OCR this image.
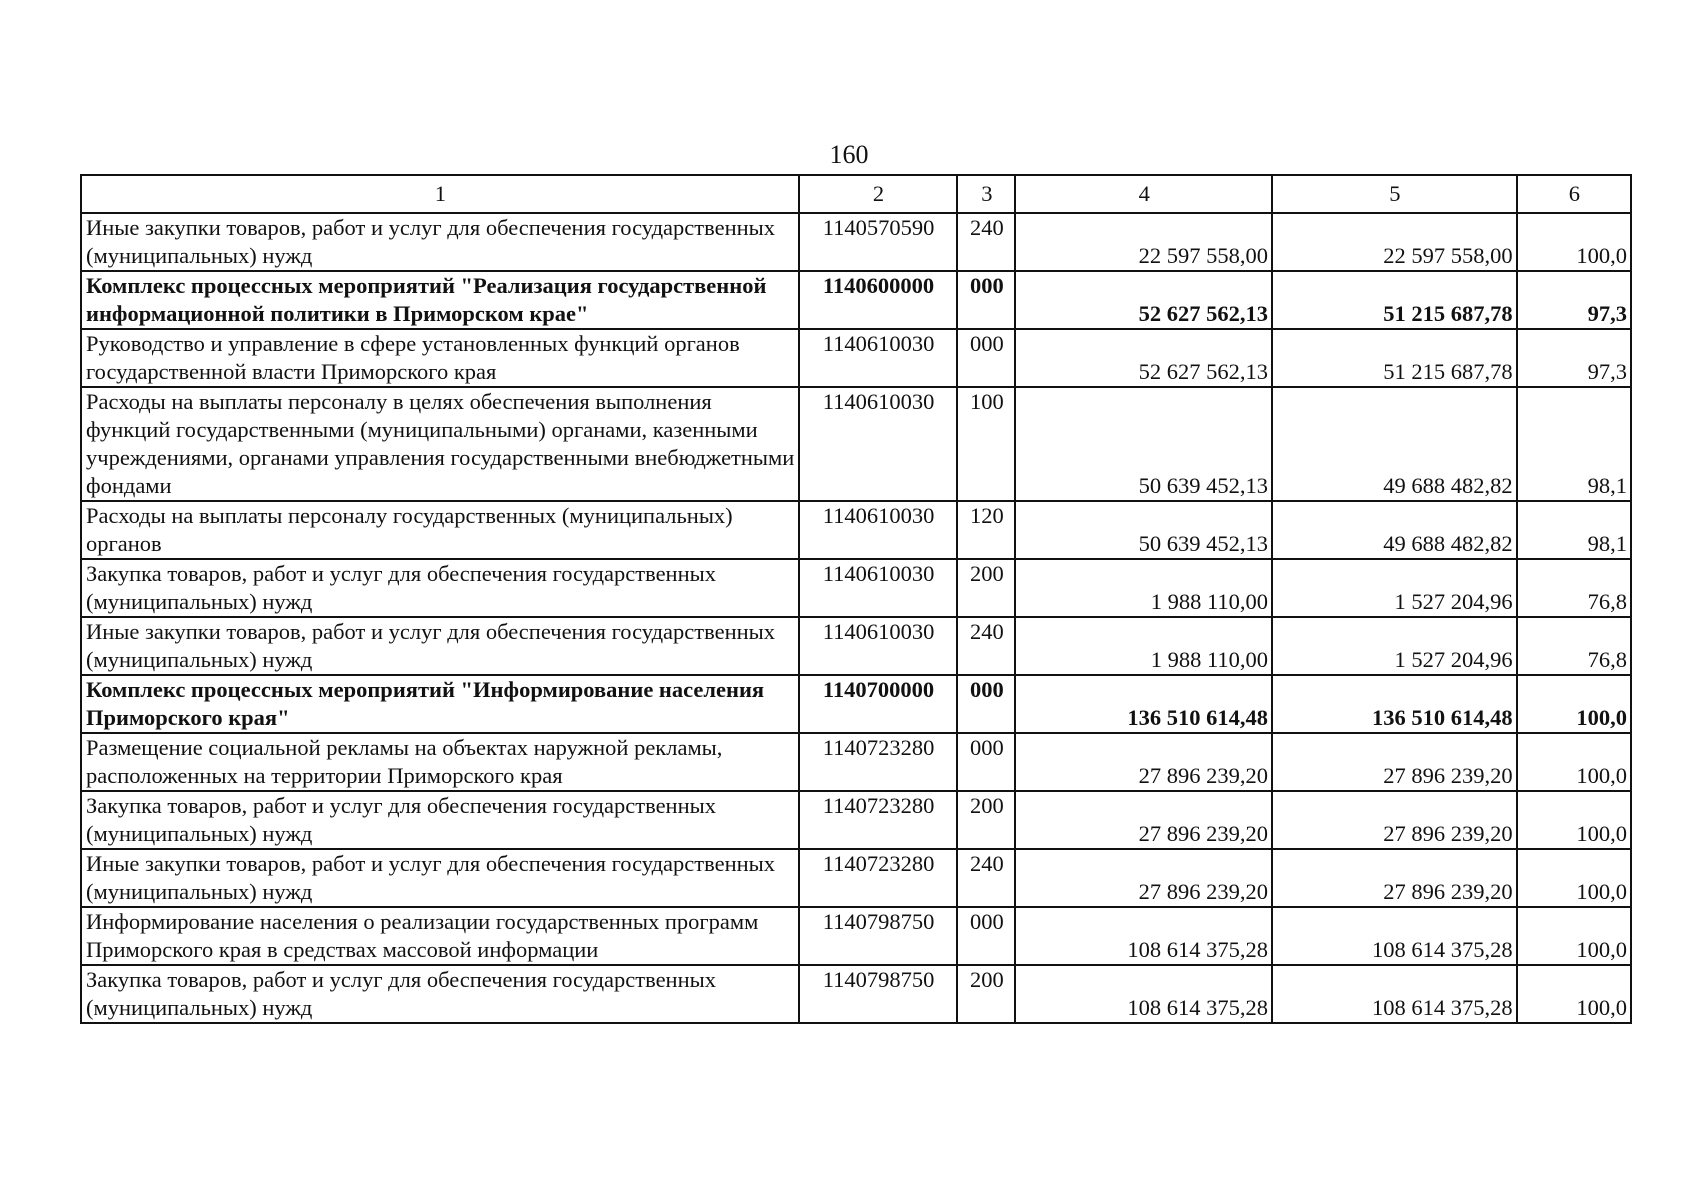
160
1	2	3	4	5	6
Иные закупки товаров, работ и услуг для обеспечения государственных (муниципальных) нужд	1140570590	240	22 597 558,00	22 597 558,00	100,0
Комплекс процессных мероприятий "Реализация государственной информационной политики в Приморском крае"	1140600000	000	52 627 562,13	51 215 687,78	97,3
Руководство и управление в сфере установленных функций органов государственной власти Приморского края	1140610030	000	52 627 562,13	51 215 687,78	97,3
Расходы на выплаты персоналу в целях обеспечения выполнения функций государственными (муниципальными) органами, казенными учреждениями, органами управления государственными внебюджетными фондами	1140610030	100	50 639 452,13	49 688 482,82	98,1
Расходы на выплаты персоналу государственных (муниципальных) органов	1140610030	120	50 639 452,13	49 688 482,82	98,1
Закупка товаров, работ и услуг для обеспечения государственных (муниципальных) нужд	1140610030	200	1 988 110,00	1 527 204,96	76,8
Иные закупки товаров, работ и услуг для обеспечения государственных (муниципальных) нужд	1140610030	240	1 988 110,00	1 527 204,96	76,8
Комплекс процессных мероприятий "Информирование населения Приморского края"	1140700000	000	136 510 614,48	136 510 614,48	100,0
Размещение социальной рекламы на объектах наружной рекламы, расположенных на территории Приморского края	1140723280	000	27 896 239,20	27 896 239,20	100,0
Закупка товаров, работ и услуг для обеспечения государственных (муниципальных) нужд	1140723280	200	27 896 239,20	27 896 239,20	100,0
Иные закупки товаров, работ и услуг для обеспечения государственных (муниципальных) нужд	1140723280	240	27 896 239,20	27 896 239,20	100,0
Информирование населения о реализации государственных программ Приморского края в средствах массовой информации	1140798750	000	108 614 375,28	108 614 375,28	100,0
Закупка товаров, работ и услуг для обеспечения государственных (муниципальных) нужд	1140798750	200	108 614 375,28	108 614 375,28	100,0
